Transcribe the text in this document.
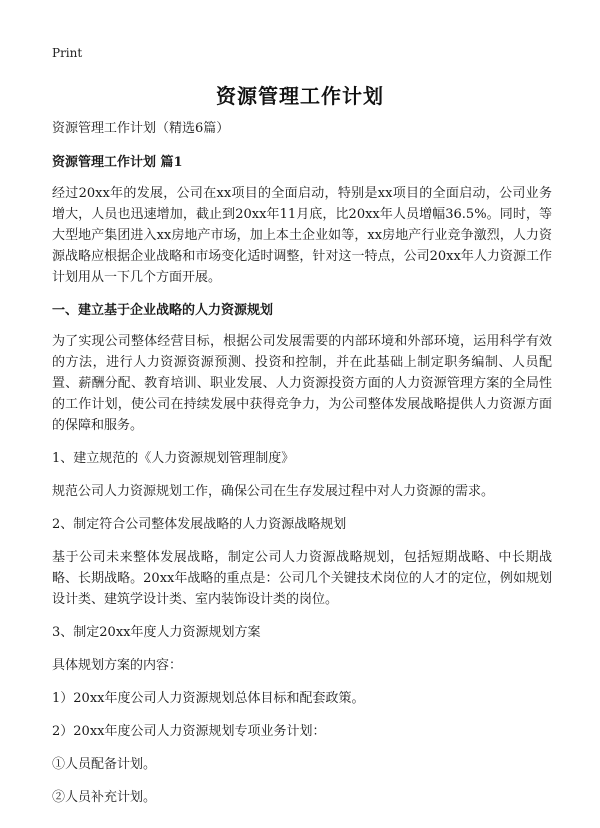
Print
资源管理工作计划

资源管理工作计划（精选6篇）

资源管理工作计划 篇1

经过20xx年的发展，公司在xx项目的全面启动，特别是xx项目的全面启动，公司业务增大，人员也迅速增加，截止到20xx年11月底，比20xx年人员增幅36.5%。同时，等大型地产集团进入xx房地产市场，加上本土企业如等，xx房地产行业竞争激烈，人力资源战略应根据企业战略和市场变化适时调整，针对这一特点，公司20xx年人力资源工作计划用从一下几个方面开展。

一、建立基于企业战略的人力资源规划

为了实现公司整体经营目标，根据公司发展需要的内部环境和外部环境，运用科学有效的方法，进行人力资源资源预测、投资和控制，并在此基础上制定职务编制、人员配置、薪酬分配、教育培训、职业发展、人力资源投资方面的人力资源管理方案的全局性的工作计划，使公司在持续发展中获得竞争力，为公司整体发展战略提供人力资源方面的保障和服务。

1、建立规范的《人力资源规划管理制度》

规范公司人力资源规划工作，确保公司在生存发展过程中对人力资源的需求。

2、制定符合公司整体发展战略的人力资源战略规划

基于公司未来整体发展战略，制定公司人力资源战略规划，包括短期战略、中长期战略、长期战略。20xx年战略的重点是：公司几个关键技术岗位的人才的定位，例如规划设计类、建筑学设计类、室内装饰设计类的岗位。

3、制定20xx年度人力资源规划方案

具体规划方案的内容：

1）20xx年度公司人力资源规划总体目标和配套政策。

2）20xx年度公司人力资源规划专项业务计划：

①人员配备计划。

②人员补充计划。
